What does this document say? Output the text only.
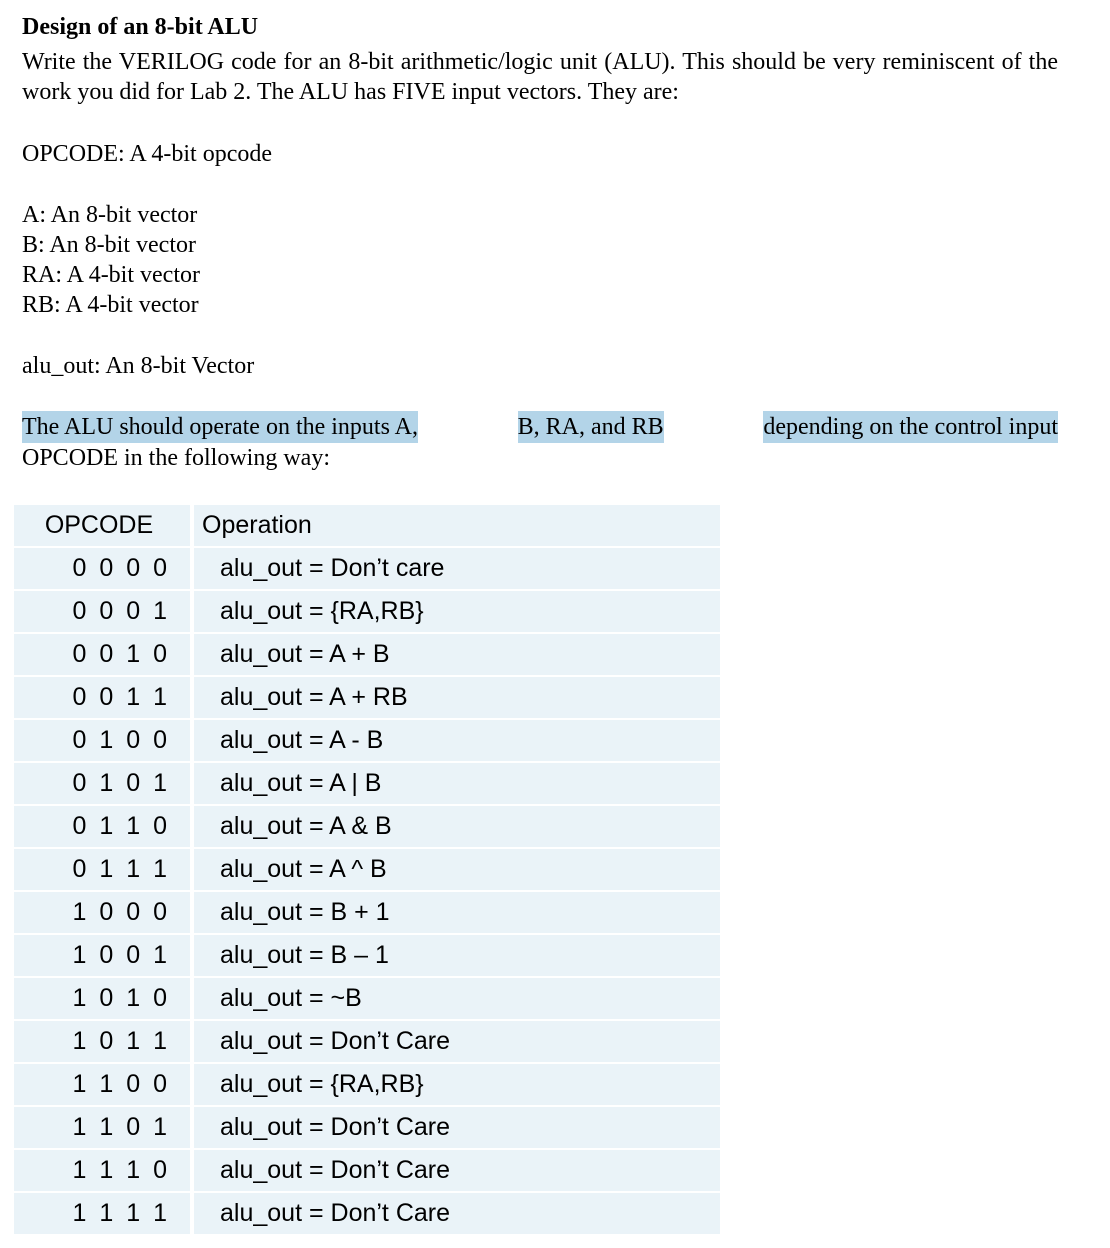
Design of an 8-bit ALU

Write the VERILOG code for an 8-bit arithmetic/logic unit (ALU). This should be very reminiscent of the work you did for Lab 2. The ALU has FIVE input vectors. They are:

OPCODE: A 4-bit opcode
A: An 8-bit vector
B: An 8-bit vector
RA: A 4-bit vector
RB: A 4-bit vector
alu_out: An 8-bit Vector
The ALU should operate on the inputs A,	B, RA, and RB	depending on the control input
OPCODE in the following way:
OPCODE	Operation
0 0 0 0	alu_out = Don’t care
0 0 0 1	alu_out = {RA,RB}
0 0 1 0	alu_out = A + B
0 0 1 1	alu_out = A + RB
0 1 0 0	alu_out = A - B
0 1 0 1	alu_out = A | B
0 1 1 0	alu_out = A & B
0 1 1 1	alu_out = A ^ B
1 0 0 0	alu_out = B + 1
1 0 0 1	alu_out = B – 1
1 0 1 0	alu_out = ~B
1 0 1 1	alu_out = Don’t Care
1 1 0 0	alu_out = {RA,RB}
1 1 0 1	alu_out = Don’t Care
1 1 1 0	alu_out = Don’t Care
1 1 1 1	alu_out = Don’t Care
